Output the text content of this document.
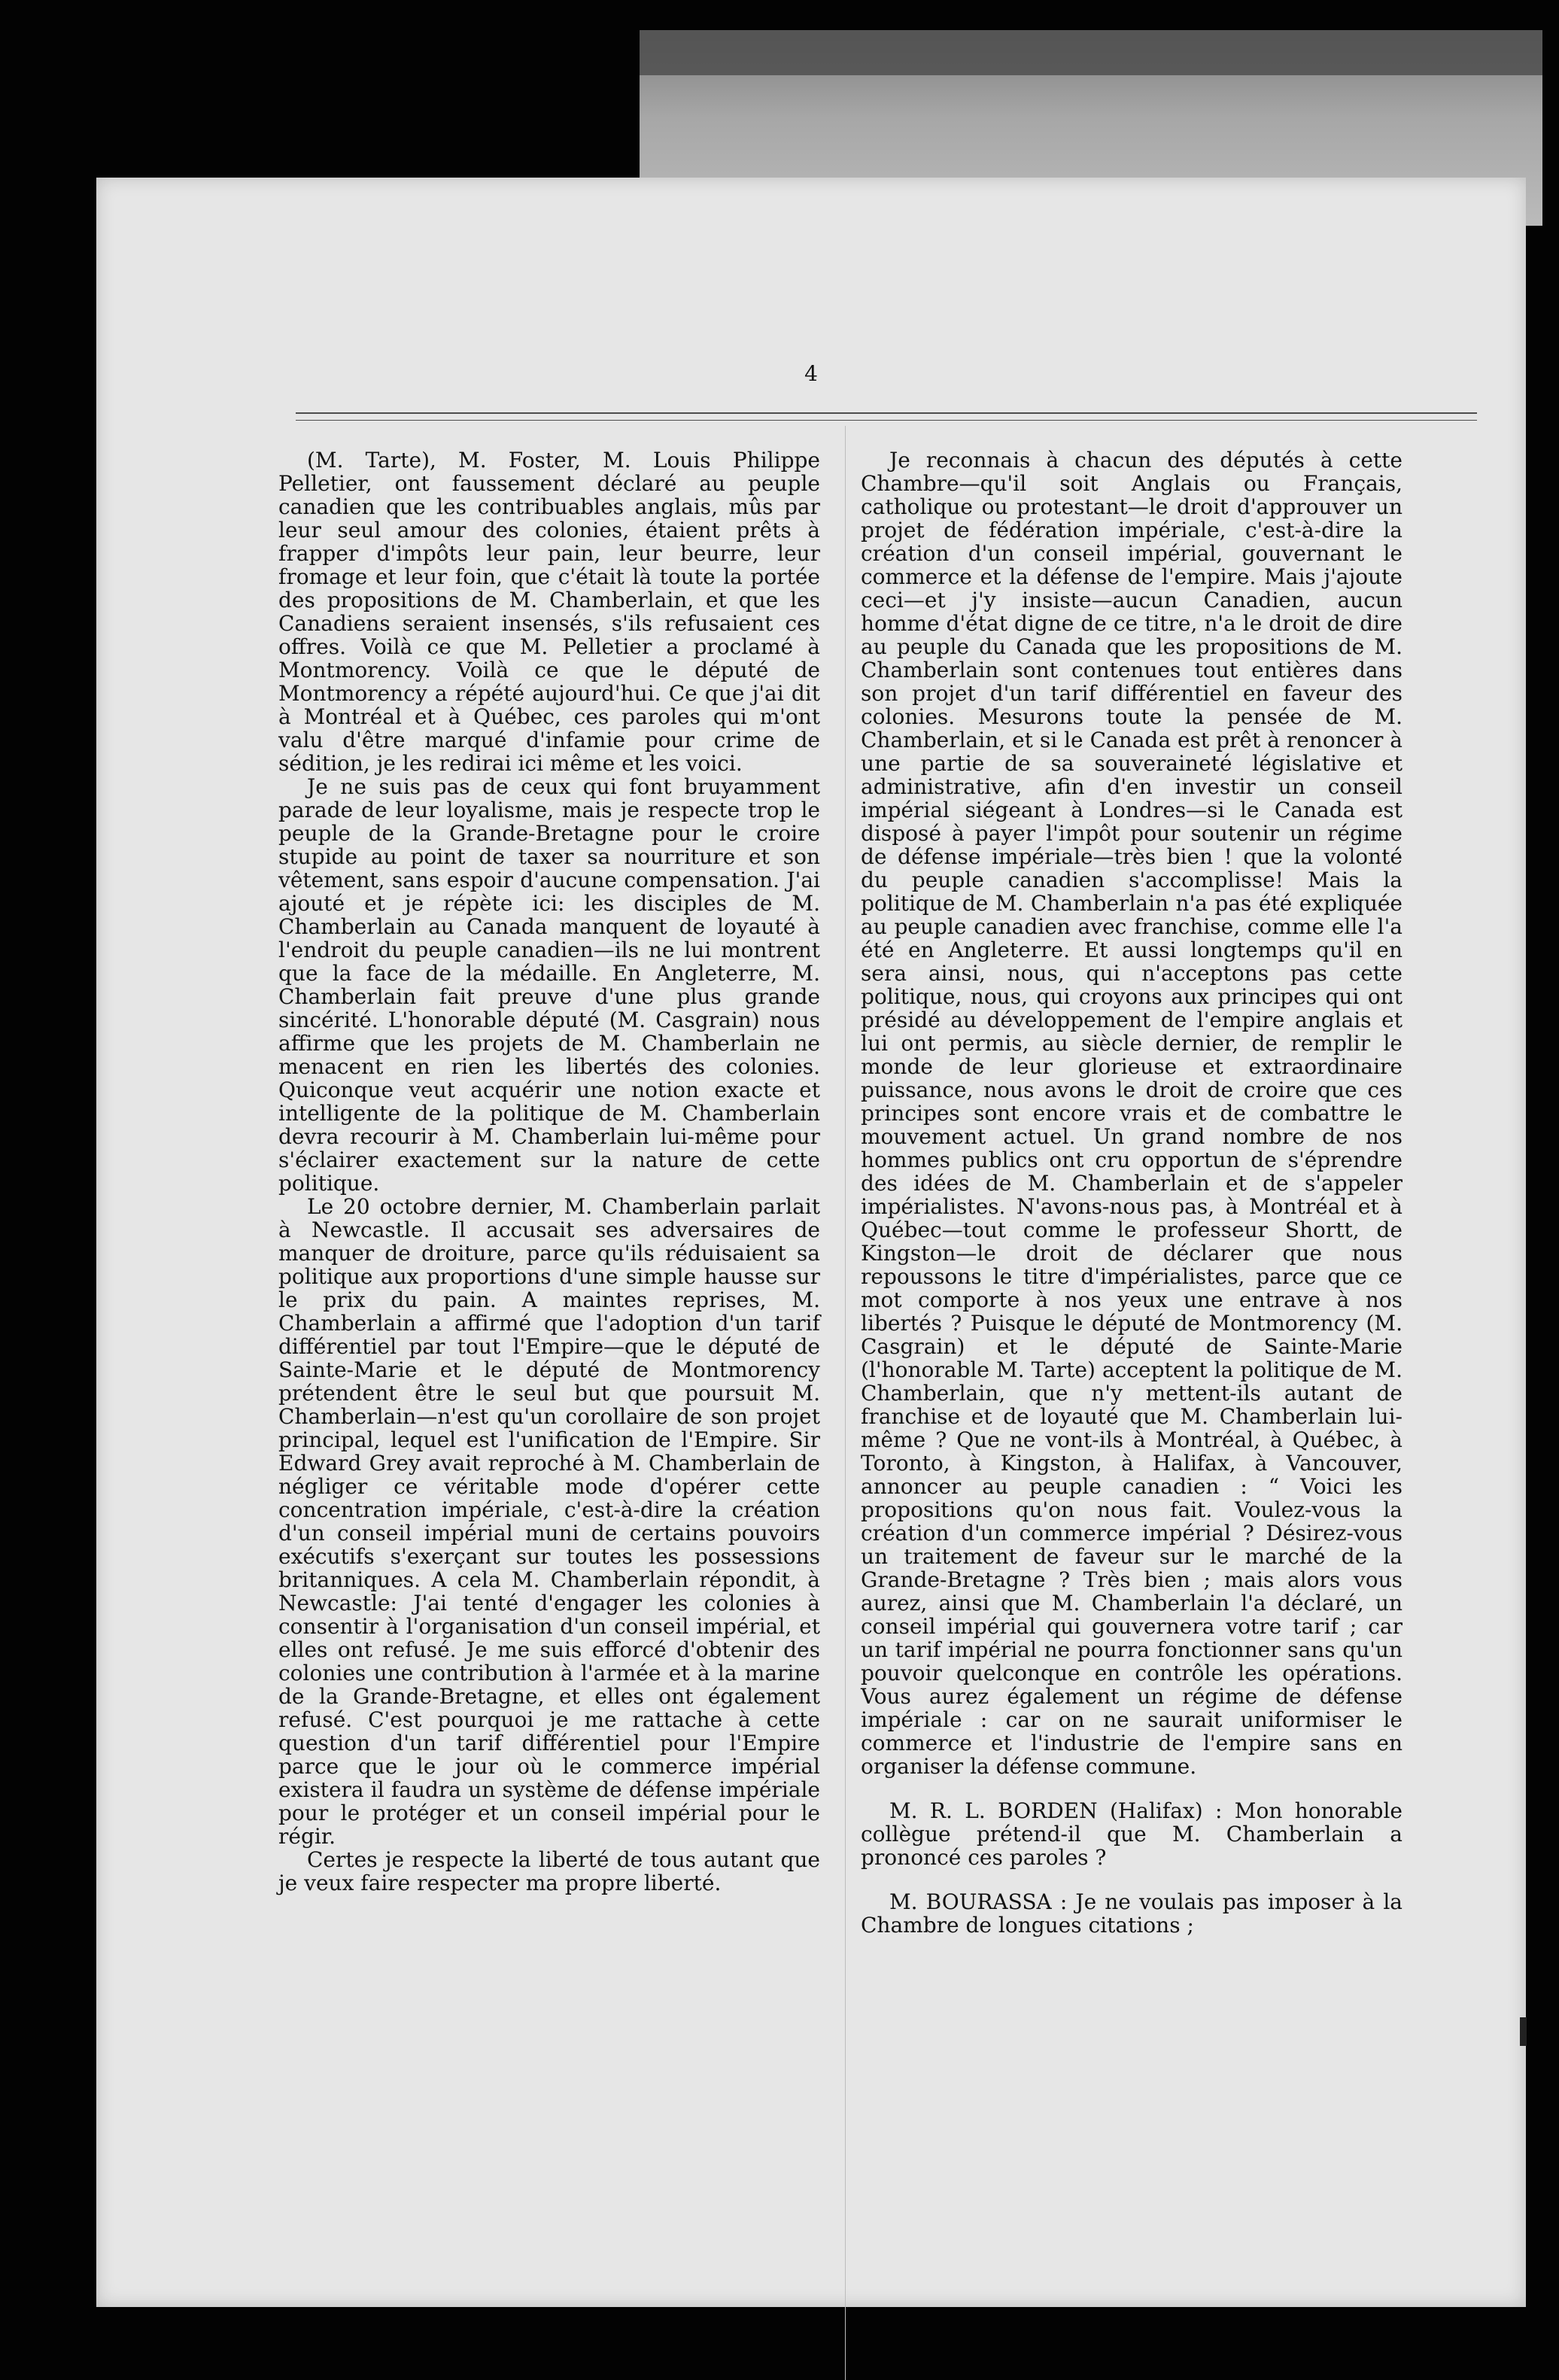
4

(M. Tarte), M. Foster, M. Louis Philippe Pelletier, ont faussement déclaré au peuple canadien que les contribuables anglais, mûs par leur seul amour des colonies, étaient prêts à frapper d'impôts leur pain, leur beurre, leur fromage et leur foin, que c'était là toute la portée des propositions de M. Chamberlain, et que les Canadiens seraient insensés, s'ils refusaient ces offres. Voilà ce que M. Pelletier a proclamé à Montmorency. Voilà ce que le député de Montmorency a répété aujourd'hui. Ce que j'ai dit à Montréal et à Québec, ces paroles qui m'ont valu d'être marqué d'infamie pour crime de sédition, je les redirai ici même et les voici.

Je ne suis pas de ceux qui font bruyamment parade de leur loyalisme, mais je respecte trop le peuple de la Grande-Bretagne pour le croire stupide au point de taxer sa nourriture et son vêtement, sans espoir d'aucune compensation. J'ai ajouté et je répète ici: les disciples de M. Chamberlain au Canada manquent de loyauté à l'endroit du peuple canadien—ils ne lui montrent que la face de la médaille. En Angleterre, M. Chamberlain fait preuve d'une plus grande sincérité. L'honorable député (M. Casgrain) nous affirme que les projets de M. Chamberlain ne menacent en rien les libertés des colonies. Quiconque veut acquérir une notion exacte et intelligente de la politique de M. Chamberlain devra recourir à M. Chamberlain lui-même pour s'éclairer exactement sur la nature de cette politique.

Le 20 octobre dernier, M. Chamberlain parlait à Newcastle. Il accusait ses adversaires de manquer de droiture, parce qu'ils réduisaient sa politique aux proportions d'une simple hausse sur le prix du pain. A maintes reprises, M. Chamberlain a affirmé que l'adoption d'un tarif différentiel par tout l'Empire—que le député de Sainte-Marie et le député de Montmorency prétendent être le seul but que poursuit M. Chamberlain—n'est qu'un corollaire de son projet principal, lequel est l'unification de l'Empire. Sir Edward Grey avait reproché à M. Chamberlain de négliger ce véritable mode d'opérer cette concentration impériale, c'est-à-dire la création d'un conseil impérial muni de certains pouvoirs exécutifs s'exerçant sur toutes les possessions britanniques. A cela M. Chamberlain répondit, à Newcastle: J'ai tenté d'engager les colonies à consentir à l'organisation d'un conseil impérial, et elles ont refusé. Je me suis efforcé d'obtenir des colonies une contribution à l'armée et à la marine de la Grande-Bretagne, et elles ont également refusé. C'est pourquoi je me rattache à cette question d'un tarif différentiel pour l'Empire parce que le jour où le commerce impérial existera il faudra un système de défense impériale pour le protéger et un conseil impérial pour le régir.

Certes je respecte la liberté de tous autant que je veux faire respecter ma propre liberté.

Je reconnais à chacun des députés à cette Chambre—qu'il soit Anglais ou Français, catholique ou protestant—le droit d'approuver un projet de fédération impériale, c'est-à-dire la création d'un conseil impérial, gouvernant le commerce et la défense de l'empire. Mais j'ajoute ceci—et j'y insiste—aucun Canadien, aucun homme d'état digne de ce titre, n'a le droit de dire au peuple du Canada que les propositions de M. Chamberlain sont contenues tout entières dans son projet d'un tarif différentiel en faveur des colonies. Mesurons toute la pensée de M. Chamberlain, et si le Canada est prêt à renoncer à une partie de sa souveraineté législative et administrative, afin d'en investir un conseil impérial siégeant à Londres—si le Canada est disposé à payer l'impôt pour soutenir un régime de défense impériale—très bien ! que la volonté du peuple canadien s'accomplisse! Mais la politique de M. Chamberlain n'a pas été expliquée au peuple canadien avec franchise, comme elle l'a été en Angleterre. Et aussi longtemps qu'il en sera ainsi, nous, qui n'acceptons pas cette politique, nous, qui croyons aux principes qui ont présidé au développement de l'empire anglais et lui ont permis, au siècle dernier, de remplir le monde de leur glorieuse et extraordinaire puissance, nous avons le droit de croire que ces principes sont encore vrais et de combattre le mouvement actuel. Un grand nombre de nos hommes publics ont cru opportun de s'éprendre des idées de M. Chamberlain et de s'appeler impérialistes. N'avons-nous pas, à Montréal et à Québec—tout comme le professeur Shortt, de Kingston—le droit de déclarer que nous repoussons le titre d'impérialistes, parce que ce mot comporte à nos yeux une entrave à nos libertés ? Puisque le député de Montmorency (M. Casgrain) et le député de Sainte-Marie (l'honorable M. Tarte) acceptent la politique de M. Chamberlain, que n'y mettent-ils autant de franchise et de loyauté que M. Chamberlain lui-même ? Que ne vont-ils à Montréal, à Québec, à Toronto, à Kingston, à Halifax, à Vancouver, annoncer au peuple canadien : “ Voici les propositions qu'on nous fait. Voulez-vous la création d'un commerce impérial ? Désirez-vous un traitement de faveur sur le marché de la Grande-Bretagne ? Très bien ; mais alors vous aurez, ainsi que M. Chamberlain l'a déclaré, un conseil impérial qui gouvernera votre tarif ; car un tarif impérial ne pourra fonctionner sans qu'un pouvoir quelconque en contrôle les opérations. Vous aurez également un régime de défense impériale : car on ne saurait uniformiser le commerce et l'industrie de l'empire sans en organiser la défense commune.

M. R. L. BORDEN (Halifax) : Mon honorable collègue prétend-il que M. Chamberlain a prononcé ces paroles ?

M. BOURASSA : Je ne voulais pas imposer à la Chambre de longues citations ;
